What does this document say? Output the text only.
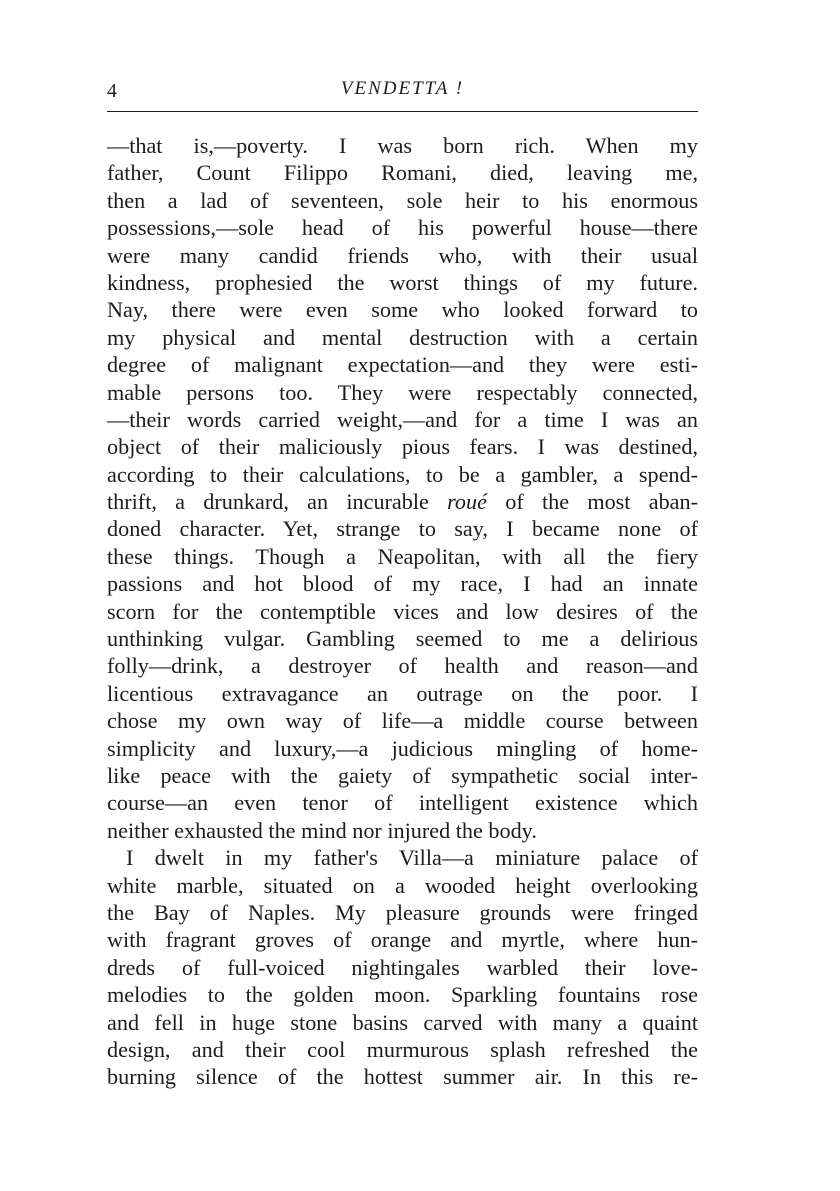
4	VENDETTA !
—that is,—poverty. I was born rich. When my
father, Count Filippo Romani, died, leaving me,
then a lad of seventeen, sole heir to his enormous
possessions,—sole head of his powerful house—there
were many candid friends who, with their usual
kindness, prophesied the worst things of my future.
Nay, there were even some who looked forward to
my physical and mental destruction with a certain
degree of malignant expectation—and they were esti-
mable persons too. They were respectably connected,
—their words carried weight,—and for a time I was an
object of their maliciously pious fears. I was destined,
according to their calculations, to be a gambler, a spend-
thrift, a drunkard, an incurable roué of the most aban-
doned character. Yet, strange to say, I became none of
these things. Though a Neapolitan, with all the fiery
passions and hot blood of my race, I had an innate
scorn for the contemptible vices and low desires of the
unthinking vulgar. Gambling seemed to me a delirious
folly—drink, a destroyer of health and reason—and
licentious extravagance an outrage on the poor. I
chose my own way of life—a middle course between
simplicity and luxury,—a judicious mingling of home-
like peace with the gaiety of sympathetic social inter-
course—an even tenor of intelligent existence which
neither exhausted the mind nor injured the body.
I dwelt in my father's Villa—a miniature palace of
white marble, situated on a wooded height overlooking
the Bay of Naples. My pleasure grounds were fringed
with fragrant groves of orange and myrtle, where hun-
dreds of full-voiced nightingales warbled their love-
melodies to the golden moon. Sparkling fountains rose
and fell in huge stone basins carved with many a quaint
design, and their cool murmurous splash refreshed the
burning silence of the hottest summer air. In this re-
